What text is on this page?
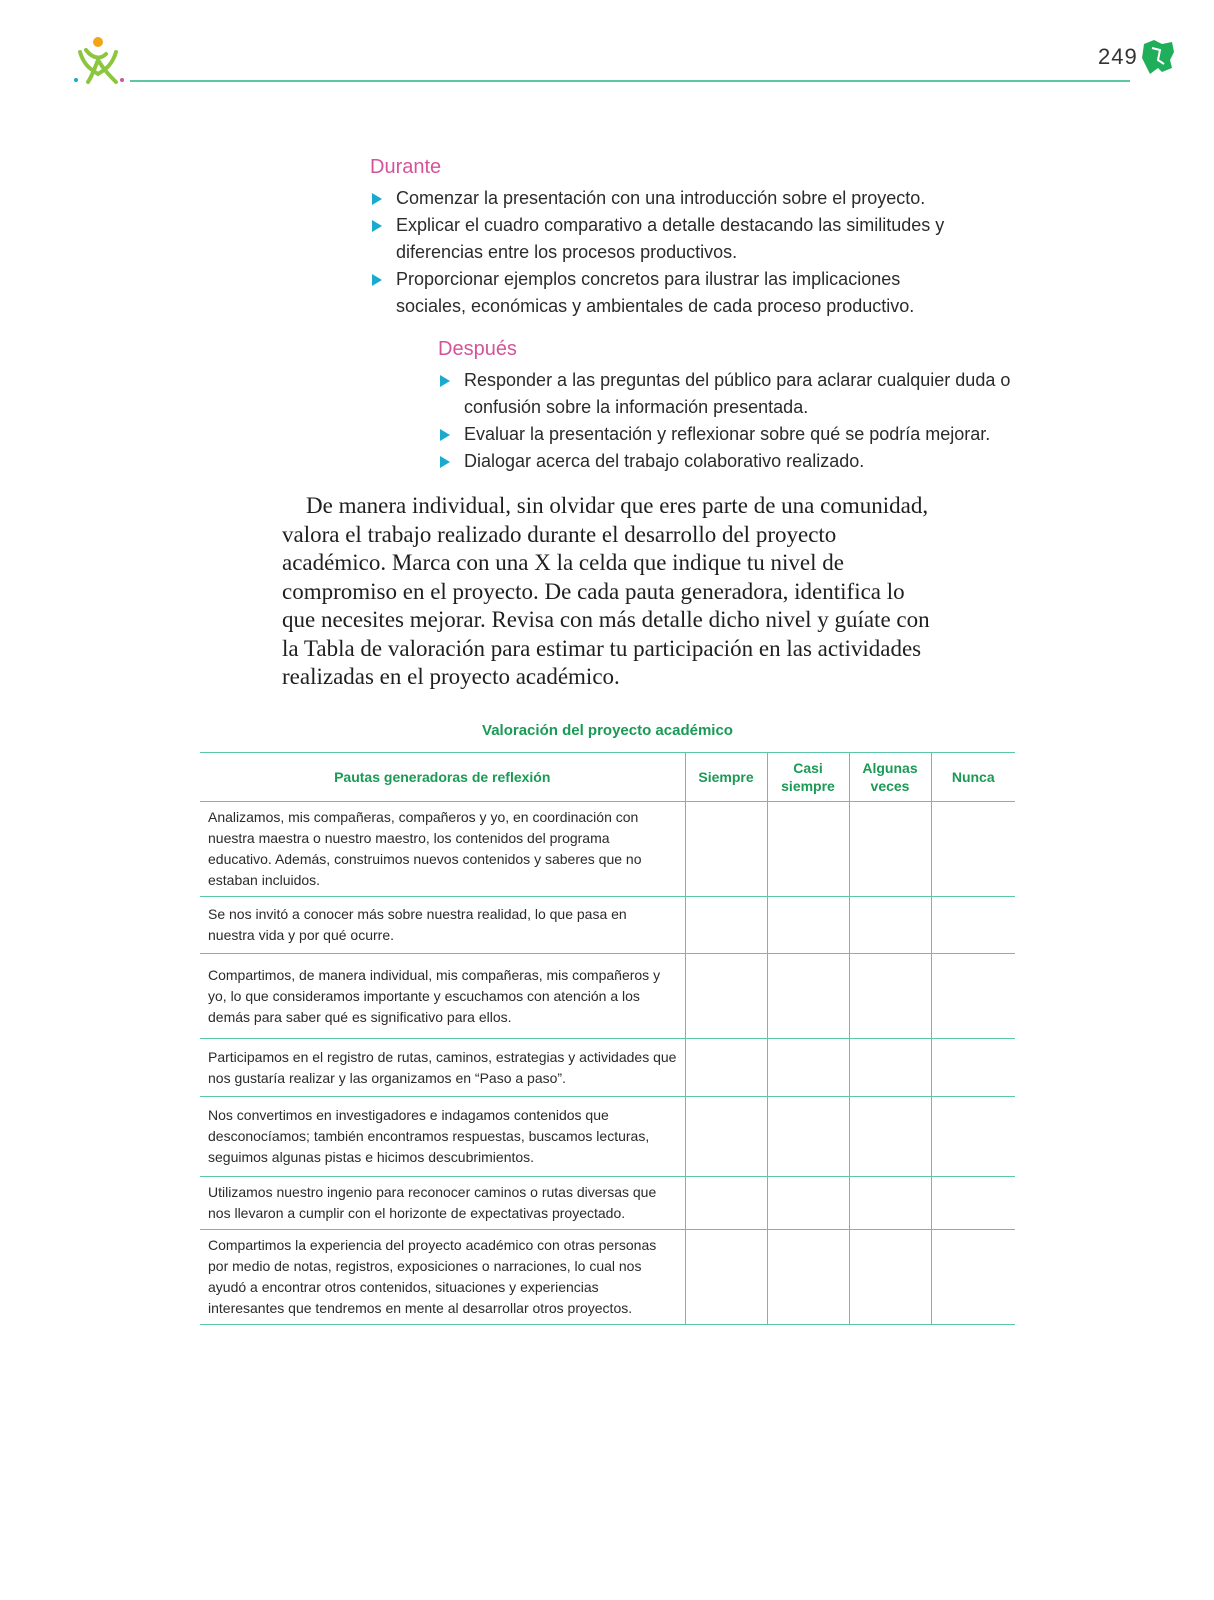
249
Durante
Comenzar la presentación con una introducción sobre el proyecto.
Explicar el cuadro comparativo a detalle destacando las similitudes y diferencias entre los procesos productivos.
Proporcionar ejemplos concretos para ilustrar las implicaciones sociales, económicas y ambientales de cada proceso productivo.
Después
Responder a las preguntas del público para aclarar cualquier duda o confusión sobre la información presentada.
Evaluar la presentación y reflexionar sobre qué se podría mejorar.
Dialogar acerca del trabajo colaborativo realizado.

De manera individual, sin olvidar que eres parte de una comunidad, valora el trabajo realizado durante el desarrollo del proyecto académico. Marca con una X la celda que indique tu nivel de compromiso en el proyecto. De cada pauta generadora, identifica lo que necesites mejorar. Revisa con más detalle dicho nivel y guíate con la Tabla de valoración para estimar tu participación en las actividades realizadas en el proyecto académico.

Valoración del proyecto académico
Pautas generadoras de reflexión	Siempre	Casi siempre	Algunas veces	Nunca
Analizamos, mis compañeras, compañeros y yo, en coordinación con nuestra maestra o nuestro maestro, los contenidos del programa educativo. Además, construimos nuevos contenidos y saberes que no estaban incluidos.				
Se nos invitó a conocer más sobre nuestra realidad, lo que pasa en nuestra vida y por qué ocurre.				
Compartimos, de manera individual, mis compañeras, mis compañeros y yo, lo que consideramos importante y escuchamos con atención a los demás para saber qué es significativo para ellos.				
Participamos en el registro de rutas, caminos, estrategias y actividades que nos gustaría realizar y las organizamos en “Paso a paso”.				
Nos convertimos en investigadores e indagamos contenidos que desconocíamos; también encontramos respuestas, buscamos lecturas, seguimos algunas pistas e hicimos descubrimientos.				
Utilizamos nuestro ingenio para reconocer caminos o rutas diversas que nos llevaron a cumplir con el horizonte de expectativas proyectado.				
Compartimos la experiencia del proyecto académico con otras personas por medio de notas, registros, exposiciones o narraciones, lo cual nos ayudó a encontrar otros contenidos, situaciones y experiencias interesantes que tendremos en mente al desarrollar otros proyectos.				
